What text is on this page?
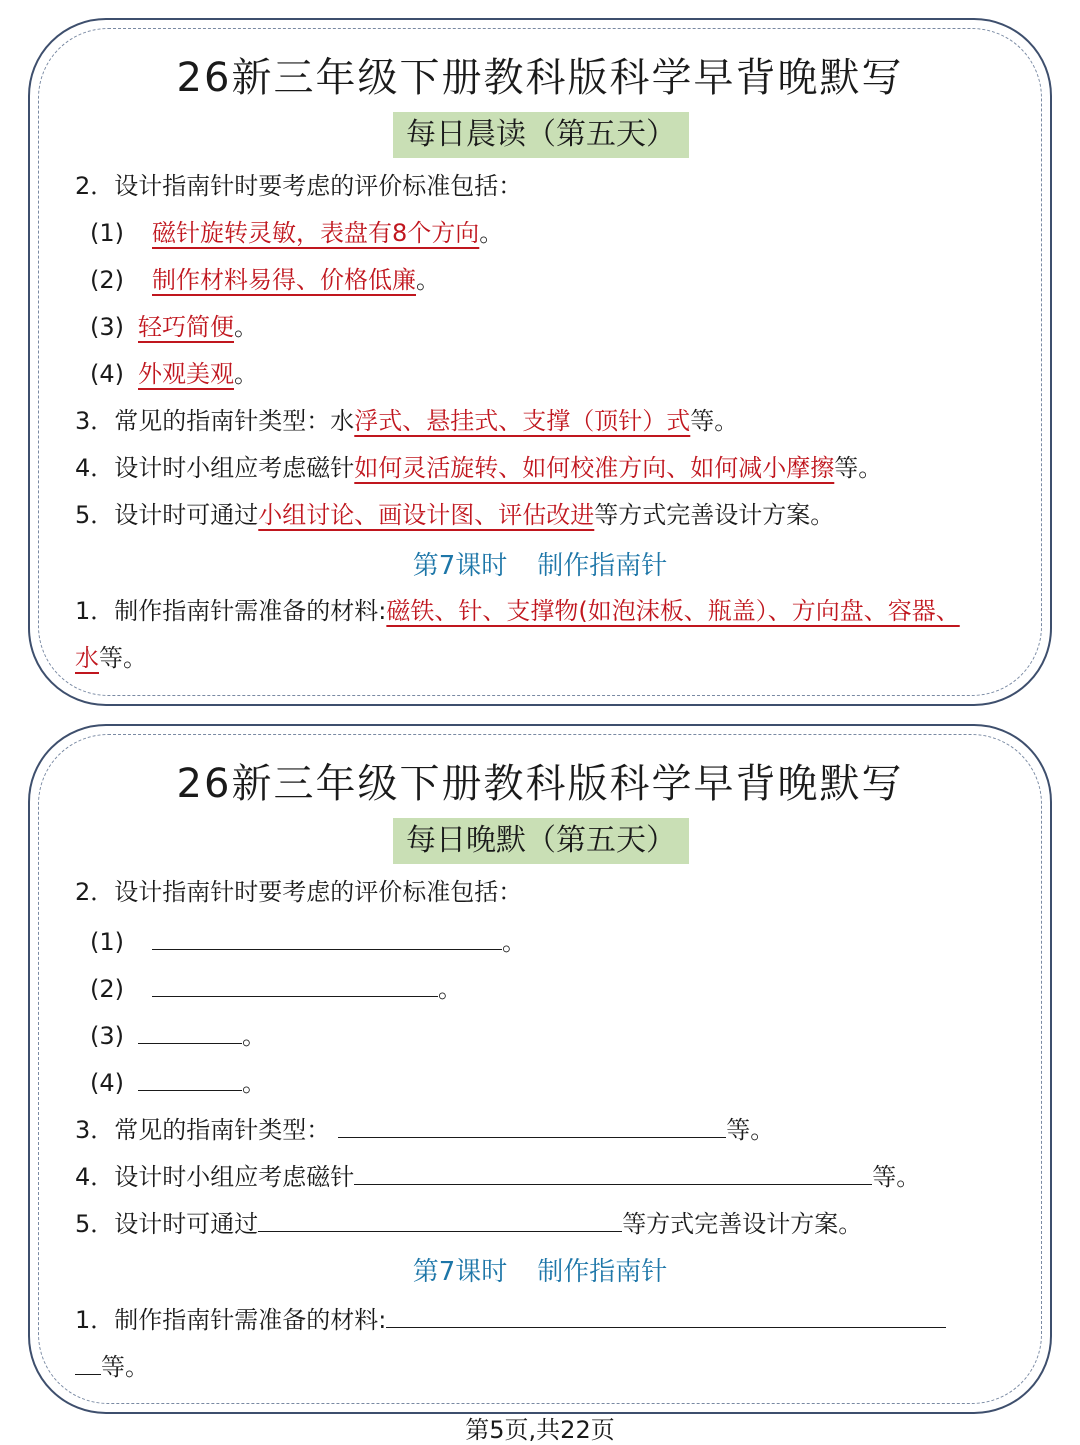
26新三年级下册教科版科学早背晚默写
每日晨读（第五天）
2．设计指南针时要考虑的评价标准包括：
(1) 磁针旋转灵敏，表盘有8个方向。
(2) 制作材料易得、价格低廉。
(3) 轻巧简便。
(4) 外观美观。
3．常见的指南针类型：水浮式、悬挂式、支撑（顶针）式等。
4．设计时小组应考虑磁针如何灵活旋转、如何校准方向、如何减小摩擦等。
5．设计时可通过小组讨论、画设计图、评估改进等方式完善设计方案。
第7课时 制作指南针
1．制作指南针需准备的材料:磁铁、针、支撑物(如泡沫板、瓶盖）、方向盘、容器、
水等。
26新三年级下册教科版科学早背晚默写
每日晚默（第五天）
2．设计指南针时要考虑的评价标准包括：
(1)	。
(2)	。
(3)	。
(4)	。
3．常见的指南针类型：	等。
4．设计时小组应考虑磁针	等。
5．设计时可通过	等方式完善设计方案。
第7课时 制作指南针
1．制作指南针需准备的材料:
等。
第5页,共22页
